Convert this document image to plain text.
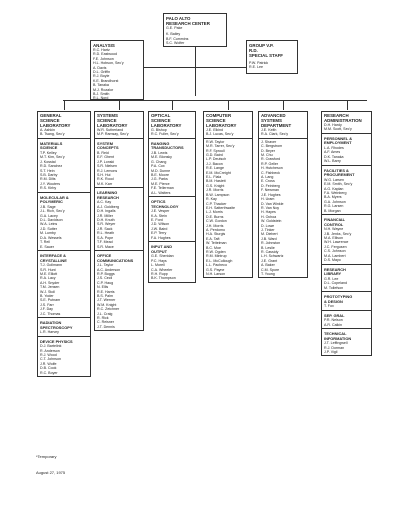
PALO ALTO
RESEARCH CENTER
G.E. Pake
K. Bailey
B.F. Cummins
S.C. Wolfer
ANALYSIS
R.C. Hartz
R.D. Eastwood
F.E. Johnson
H.L. Hobson, Sec'y
A. Davis
D.L. Griffin
R.J. Boyle
K.E. Brandhorst
B. Tanaka
M.J. Rozalor
B.J. Smith
R.L. Nord
GROUP V.P.
R.D.
SPECIAL STAFF
P.W. Patrick
R.E. Lee
GENERAL
SCIENCE
LABORATORY
A. Ashkin
B. Tsang, Sec'y
MATERIALS
SCIENCE
T.P. Kelley
M.T. Kim, Sec'y
J. Kosstal
R.D. Sanchez
S.T. Hein
S.B. Darby
R.M. Dilts
J.Y. Wouters
R.S. Kirby
MOLECULAR &
POLYMERIC
J.B. Sage
J.L. Rich, Sec'y
G.A. Lacey
D.L. Davidson
W.A. Leins
J.D. Sutter
M. Lumby
D.A. Wessels
T. Reil
E. Sauer
INTERFACE &
CRYSTALLINE
T.J. Gollmann
S.R. Hunt
M.E. Elliott
R.A. Lacy
A.H. Snyder
T.M. Jensen
W.J. Stoll
B. Yoder
S.E. Putnam
J.S. Farr
J.F. Day
J.C. Thomas
RADIATION
SPECTROSCOPY
L.R. Harvey
DEVICE PHYSICS
D.J. Bartelink
R. Anderson
R.J. Wood
C.T. Johnson
J.R. Wolfe
D.B. Cook
R.C. Boyer
SYSTEMS
SCIENCE
LABORATORY
W.R. Sutherland
M.P. Ramsay, Sec'y
SYSTEM
CONCEPTS
B. Reid
E.F. Ghent
J.P. Lonski
S.R. Nielsen
R.J. Lemons
S.H. Hui
R.K. Rood
M.K. Karr
LEARNING
RESEARCH
A.C. Kay
A.J. Goldberg
D.H. Ingalls
J.R. Miller
D.H. Knuth
S.R. Weyer
J.R. Sack
R.L. Heath
S.A. Pope
T.F. Mead
S.R. Mace
OFFICE
COMMUNICATIONS
J.L. Taylor
A.C. Anderson
R.P. Boggs
J.S. Cecil
C.P. Haug
N. Ellis
R.E. Harris
B.S. Palm
J.T. Werner
W.M. Knight
R.C. Zeichner
J.L. Craig
R. Rick
C. Reisner
J.T. Dennis
OPTICAL
SCIENCE
LABORATORY
G. Bishop
R.C. Fuller, Sec'y
RANGING
TRANSDUCTORS
J.B. Lewis
M.E. Blonsky
G. Chang
P.A. Cox
M.D. Dunne
B.E. Moore
J.G. Parks
M.E. Pierce
F.E. Tellerman
A.L. Walters
OPTICS
TECHNOLOGY
J.E. Vesper
K.A. Stein
E. Ford
J.D. Wilson
J.W. Baird
E.P. Terry
F.A. Hughes
INPUT AND
OUTPUT
G.E. Sheridan
P.C. Hays
L. Morell
C.A. Wheeler
R.H. Rupp
B.K. Thompson
COMPUTER
SCIENCE
LABORATORY
J.E. Elkind
B.J. Lucas, Sec'y
R.W. Taylor
M.R. Tarrer, Sec'y
R.F. Sproull
G.D. Baird
L.P. Deutsch
J.J. Bacon
R.E. Lange
E.M. McCreight
E.L. Fiala
B.M. Haslett
G.S. Knight
J.R. Morris
B.W. Lampson
R. Kay
C.P. Thacker
E.H. Satterthwaite
L.J. Morris
D.E. Burns
C.W. Gordon
J.H. Morris
A. Perdomo
H.A. Sturgis
E.A. Taft
W. Teitelman
B.C. Moe
R.W. Ogden
R.M. Mintrup
E.L. McCullough
L.L. Pacheco
G.S. Payne
N.H. Larson
ADVANCED
SYSTEMS
DEPARTMENT
J.E. Keith
R.A. Clark, Sec'y
J. Shaver
C. Bergstrom
D. Beyer
M. Chu
R. Crawford
R.P. Geller
H. Hutcheson
C. Fishbeck
A. Lang
E. Cross
D. Feinberg
F. Newman
J.E. Hughes
H. Uram
D. Van Winkle
R. Van Noy
H. Hayes
H. Ochoa
W. Goldstein
D. Lowe
J. Tinker
M. Diebert
J.B. Ward
R. Johnston
B. Leslie
R. Cassidy
L.H. Schwartz
J.E. Grant
A. Baker
C.M. Spore
T. Young
RESEARCH
ADMINISTRATION
D.H. Hardy
M.M. Scott, Sec'y
PERSONNEL &
EMPLOYMENT
L.A. Rhodes
A.F. Ames
D.K. Tanaka
W.L. Barry
FACILITIES &
PROCUREMENT
W.G. Larsen
E.M. Smith, Sec'y
A.G. Kaplan
F.A. Weinberg
B.A. Myers
G.A. Johnson
R.G. Larsen
B. Morgan
FINANCIAL
CONTROL
N.H. Wayne
J.B. Jenks, Sec'y
M.A. Ellison
W.H. Lawrence
J.C. Fergusen
C.S. Johnson
M.A. Lambert
D.S. Mayo
RESEARCH
LIBRARY
G.R. Lee
D.L. Copeland
M. Tollefson
PROTOTYPING
& DESIGN
T. Fox
SEP. GRAL
P.R. Nelson
A.R. Calkin
TECHNICAL
INFORMATION
J.T. Leffingwell
R.J. Dorman
J.P. Vigil
*Temporary
August 27, 1975
